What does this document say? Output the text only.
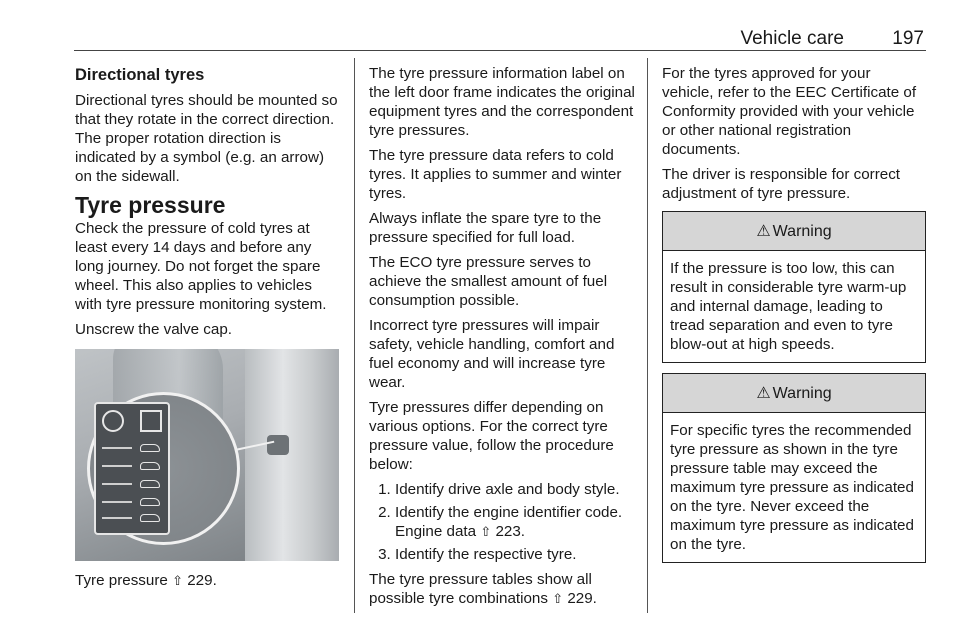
Vehicle care	197
Directional tyres

Directional tyres should be mounted so that they rotate in the correct direction. The proper rotation direction is indicated by a symbol (e.g. an arrow) on the sidewall.

Tyre pressure

Check the pressure of cold tyres at least every 14 days and before any long journey. Do not forget the spare wheel. This also applies to vehicles with tyre pressure monitoring system.

Unscrew the valve cap.

Tyre pressure ⇧ 229.

The tyre pressure information label on the left door frame indicates the original equipment tyres and the correspondent tyre pressures.

The tyre pressure data refers to cold tyres. It applies to summer and winter tyres.

Always inflate the spare tyre to the pressure specified for full load.

The ECO tyre pressure serves to achieve the smallest amount of fuel consumption possible.

Incorrect tyre pressures will impair safety, vehicle handling, comfort and fuel economy and will increase tyre wear.

Tyre pressures differ depending on various options. For the correct tyre pressure value, follow the procedure below:

1. Identify drive axle and body style.
2. Identify the engine identifier code. Engine data ⇧ 223.
3. Identify the respective tyre.

The tyre pressure tables show all possible tyre combinations ⇧ 229.

For the tyres approved for your vehicle, refer to the EEC Certificate of Conformity provided with your vehicle or other national registration documents.

The driver is responsible for correct adjustment of tyre pressure.

⚠ Warning

If the pressure is too low, this can result in considerable tyre warm-up and internal damage, leading to tread separation and even to tyre blow-out at high speeds.

⚠ Warning

For specific tyres the recommended tyre pressure as shown in the tyre pressure table may exceed the maximum tyre pressure as indicated on the tyre. Never exceed the maximum tyre pressure as indicated on the tyre.
